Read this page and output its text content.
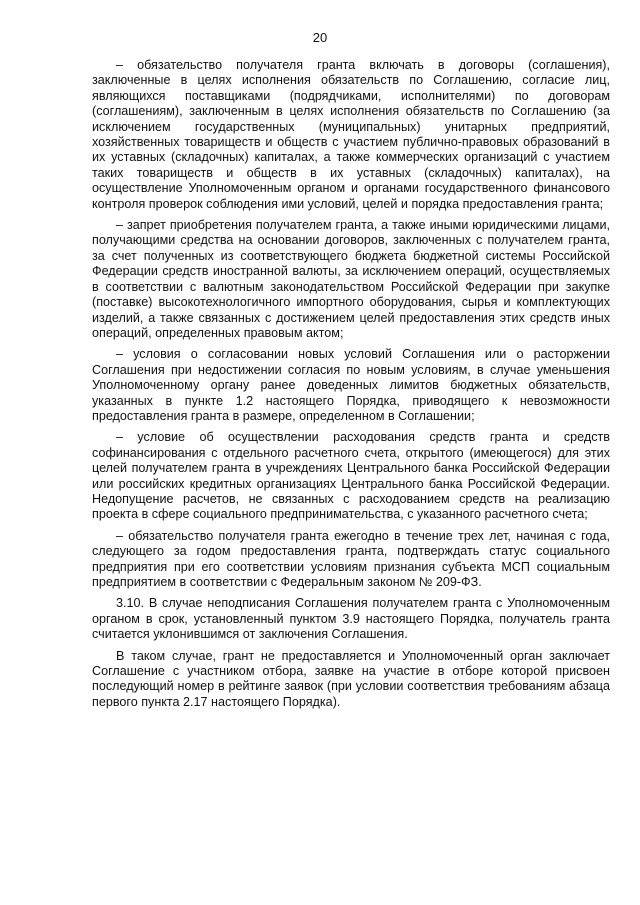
20

– обязательство получателя гранта включать в договоры (соглашения), заключенные в целях исполнения обязательств по Соглашению, согласие лиц, являющихся поставщиками (подрядчиками, исполнителями) по договорам (соглашениям), заключенным в целях исполнения обязательств по Соглашению (за исключением государственных (муниципальных) унитарных предприятий, хозяйственных товариществ и обществ с участием публично-правовых образований в их уставных (складочных) капиталах, а также коммерческих организаций с участием таких товариществ и обществ в их уставных (складочных) капиталах), на осуществление Уполномоченным органом и органами государственного финансового контроля проверок соблюдения ими условий, целей и порядка предоставления гранта;

– запрет приобретения получателем гранта, а также иными юридическими лицами, получающими средства на основании договоров, заключенных с получателем гранта, за счет полученных из соответствующего бюджета бюджетной системы Российской Федерации средств иностранной валюты, за исключением операций, осуществляемых в соответствии с валютным законодательством Российской Федерации при закупке (поставке) высокотехнологичного импортного оборудования, сырья и комплектующих изделий, а также связанных с достижением целей предоставления этих средств иных операций, определенных правовым актом;

– условия о согласовании новых условий Соглашения или о расторжении Соглашения при недостижении согласия по новым условиям, в случае уменьшения Уполномоченному органу ранее доведенных лимитов бюджетных обязательств, указанных в пункте 1.2 настоящего Порядка, приводящего к невозможности предоставления гранта в размере, определенном в Соглашении;

– условие об осуществлении расходования средств гранта и средств софинансирования с отдельного расчетного счета, открытого (имеющегося) для этих целей получателем гранта в учреждениях Центрального банка Российской Федерации или российских кредитных организациях Центрального банка Российской Федерации. Недопущение расчетов, не связанных с расходованием средств на реализацию проекта в сфере социального предпринимательства, с указанного расчетного счета;

– обязательство получателя гранта ежегодно в течение трех лет, начиная с года, следующего за годом предоставления гранта, подтверждать статус социального предприятия при его соответствии условиям признания субъекта МСП социальным предприятием в соответствии с Федеральным законом № 209-ФЗ.

3.10. В случае неподписания Соглашения получателем гранта с Уполномоченным органом в срок, установленный пунктом 3.9 настоящего Порядка, получатель гранта считается уклонившимся от заключения Соглашения.

В таком случае, грант не предоставляется и Уполномоченный орган заключает Соглашение с участником отбора, заявке на участие в отборе которой присвоен последующий номер в рейтинге заявок (при условии соответствия требованиям абзаца первого пункта 2.17 настоящего Порядка).
